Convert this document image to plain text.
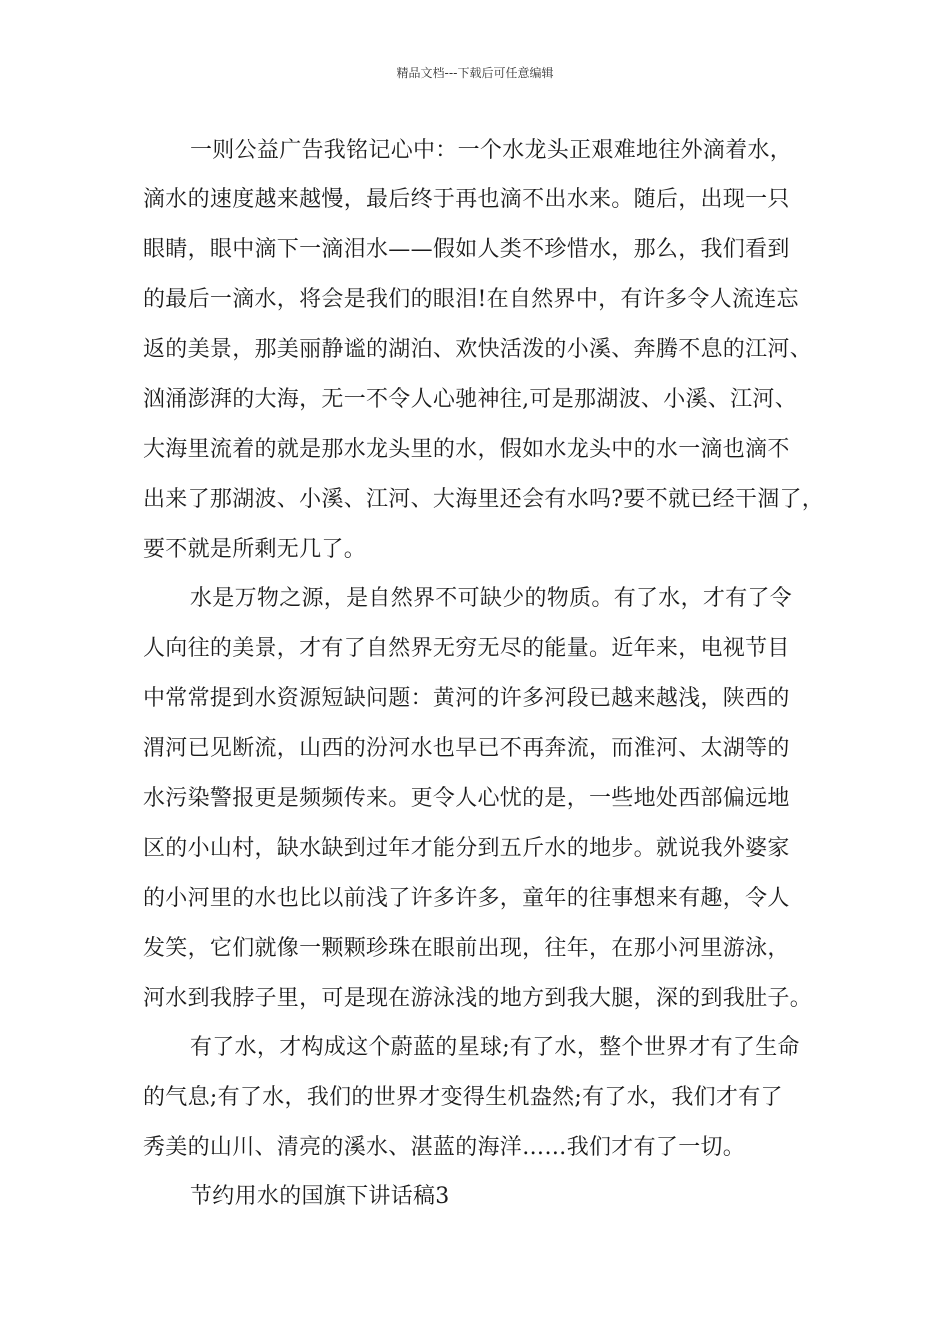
精品文档---下载后可任意编辑
一则公益广告我铭记心中：一个水龙头正艰难地往外滴着水，
滴水的速度越来越慢，最后终于再也滴不出水来。随后，出现一只
眼睛，眼中滴下一滴泪水——假如人类不珍惜水，那么，我们看到
的最后一滴水，将会是我们的眼泪!在自然界中，有许多令人流连忘
返的美景，那美丽静谧的湖泊、欢快活泼的小溪、奔腾不息的江河、
汹涌澎湃的大海，无一不令人心驰神往,可是那湖波、小溪、江河、
大海里流着的就是那水龙头里的水，假如水龙头中的水一滴也滴不
出来了那湖波、小溪、江河、大海里还会有水吗?要不就已经干涸了，
要不就是所剩无几了。
水是万物之源，是自然界不可缺少的物质。有了水，才有了令
人向往的美景，才有了自然界无穷无尽的能量。近年来，电视节目
中常常提到水资源短缺问题：黄河的许多河段已越来越浅，陕西的
渭河已见断流，山西的汾河水也早已不再奔流，而淮河、太湖等的
水污染警报更是频频传来。更令人心忧的是，一些地处西部偏远地
区的小山村，缺水缺到过年才能分到五斤水的地步。就说我外婆家
的小河里的水也比以前浅了许多许多，童年的往事想来有趣，令人
发笑，它们就像一颗颗珍珠在眼前出现，往年，在那小河里游泳，
河水到我脖子里，可是现在游泳浅的地方到我大腿，深的到我肚子。
有了水，才构成这个蔚蓝的星球;有了水，整个世界才有了生命
的气息;有了水，我们的世界才变得生机盎然;有了水，我们才有了
秀美的山川、清亮的溪水、湛蓝的海洋……我们才有了一切。
节约用水的国旗下讲话稿3
